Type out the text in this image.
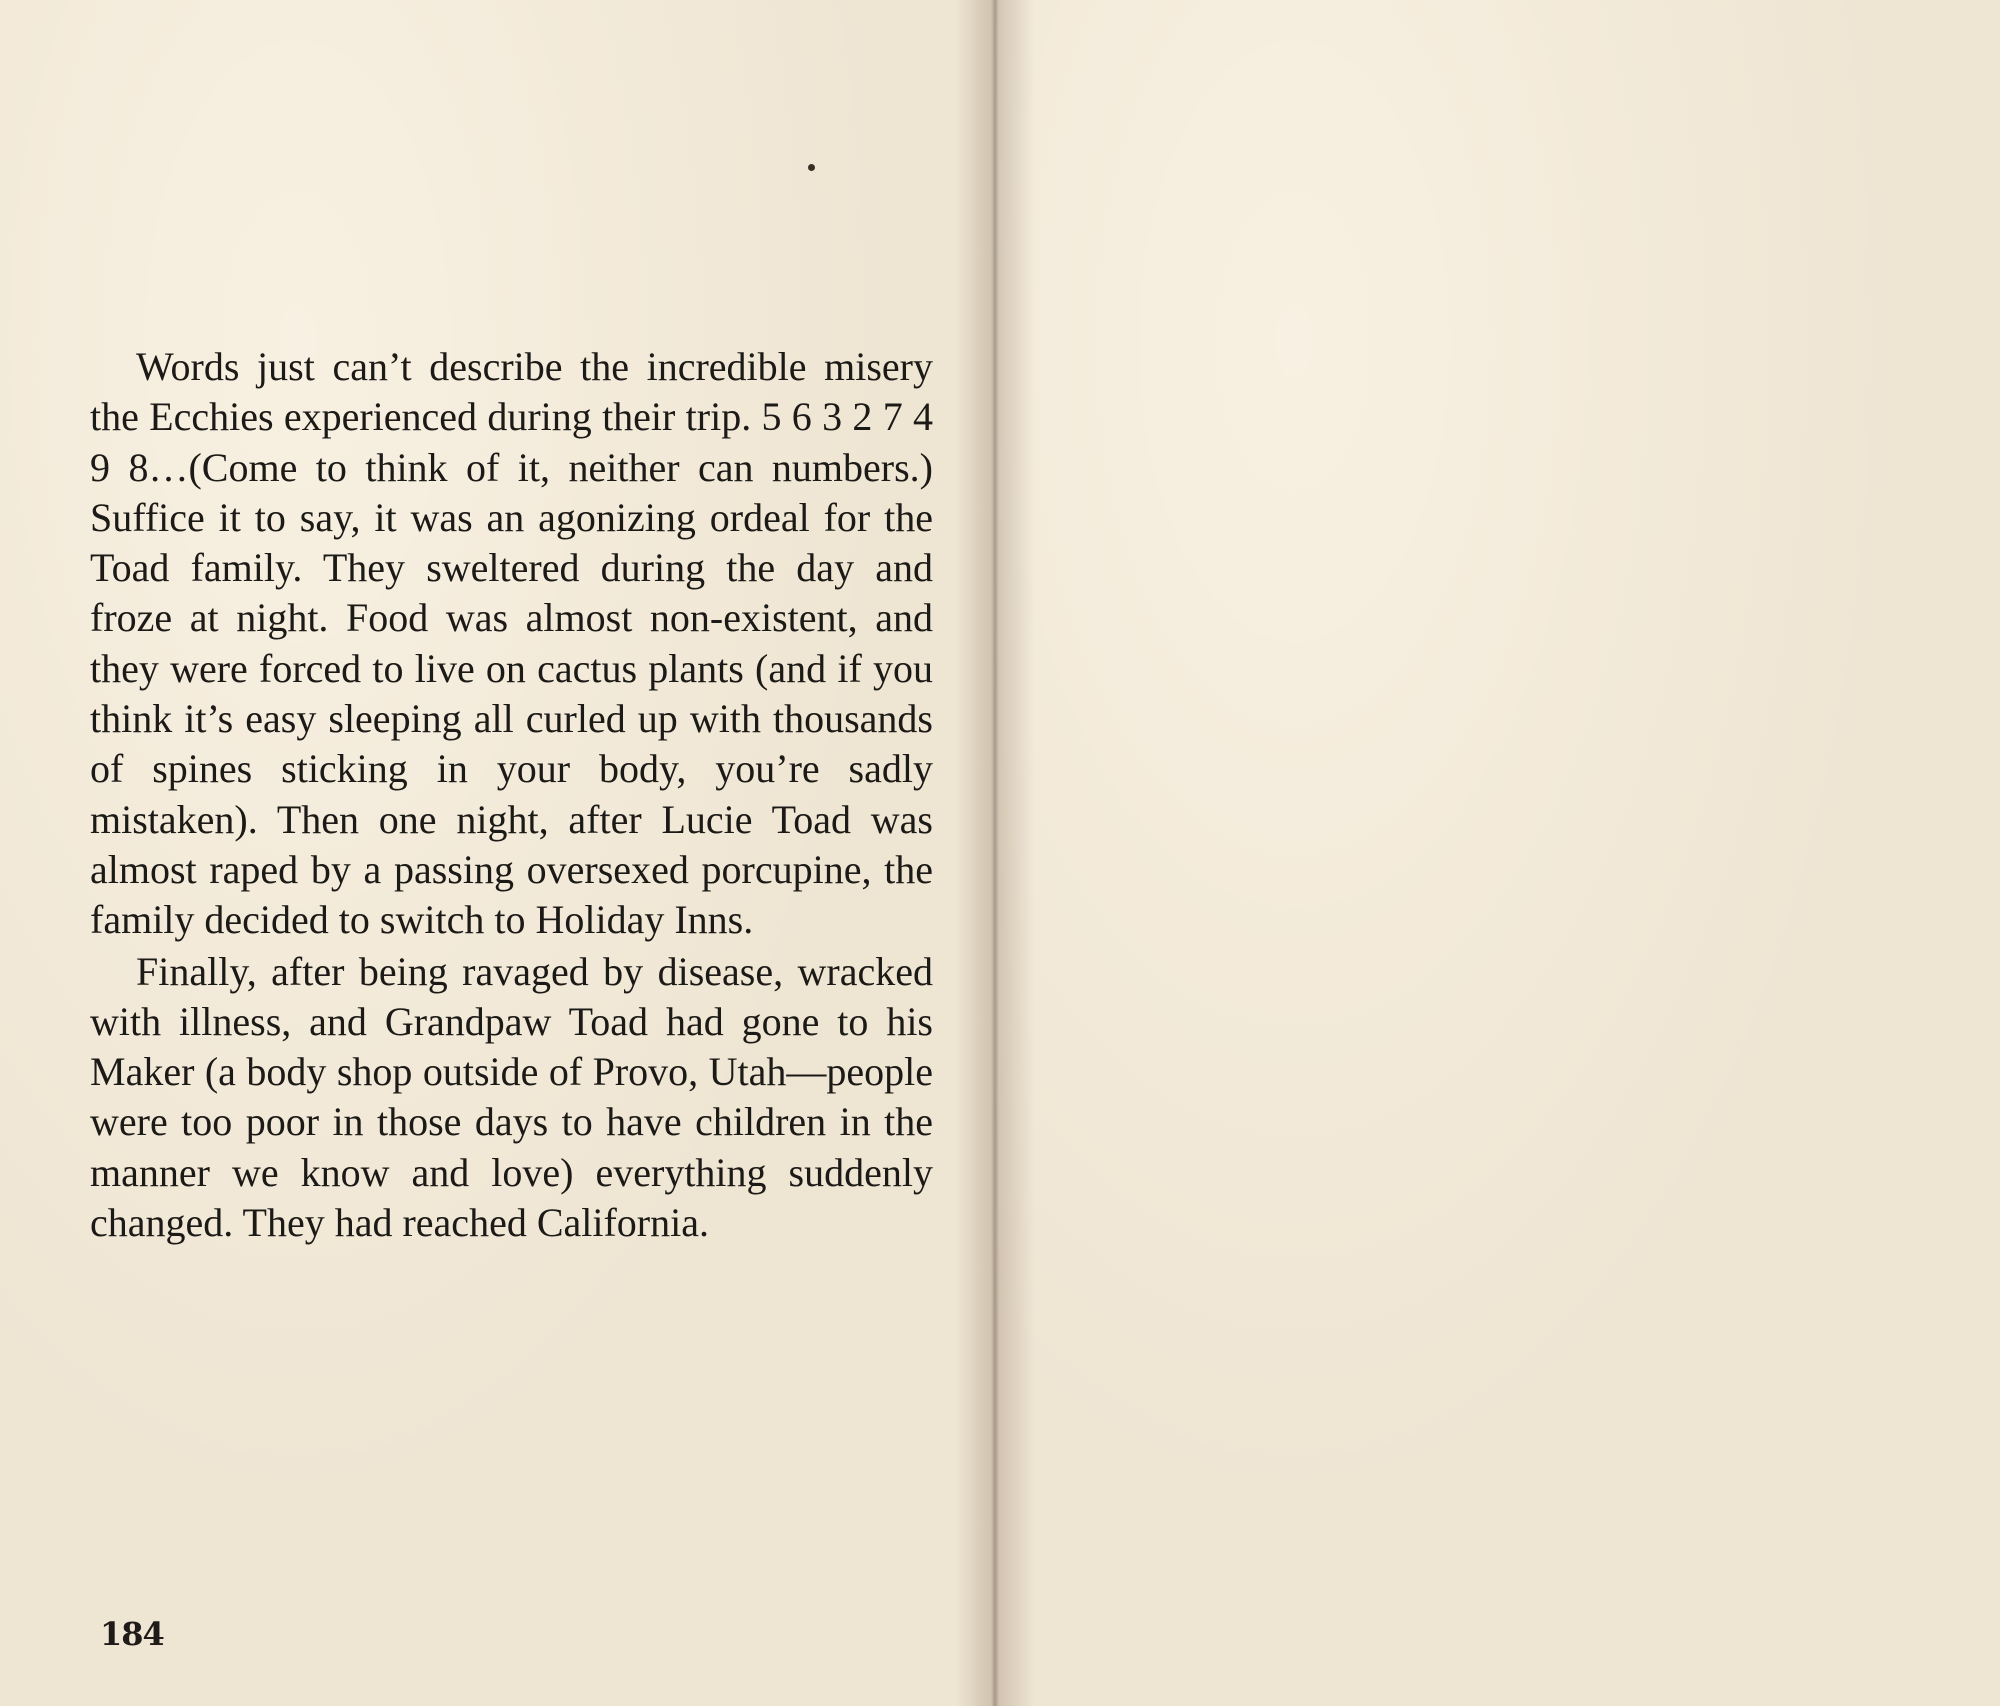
Words just can’t describe the incredible misery the Ecchies experienced during their trip. 5 6 3 2 7 4 9 8…(Come to think of it, neither can numbers.) Suffice it to say, it was an agonizing ordeal for the Toad family. They sweltered during the day and froze at night. Food was almost non-existent, and they were forced to live on cactus plants (and if you think it’s easy sleeping all curled up with thousands of spines sticking in your body, you’re sadly mistaken). Then one night, after Lucie Toad was almost raped by a passing oversexed porcupine, the family decided to switch to Holiday Inns.

Finally, after being ravaged by disease, wracked with illness, and Grandpaw Toad had gone to his Maker (a body shop outside of Provo, Utah—people were too poor in those days to have children in the manner we know and love) everything suddenly changed. They had reached California.

184
